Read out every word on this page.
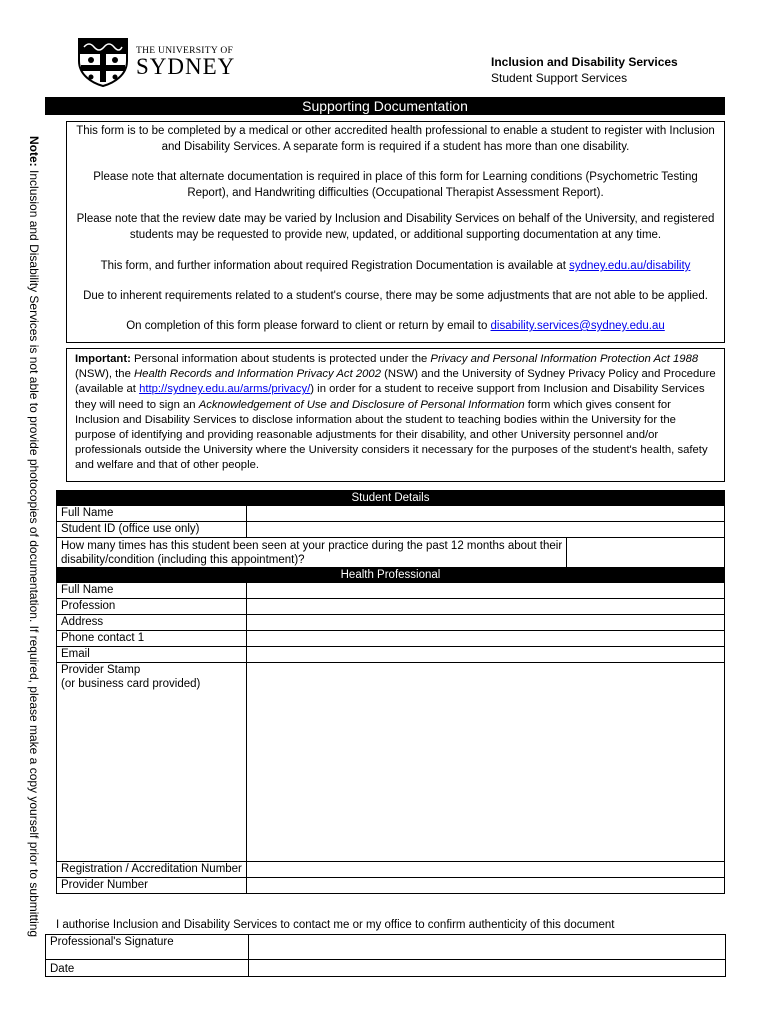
THE UNIVERSITY OF
SYDNEY	Inclusion and Disability Services
Student Support Services
Supporting Documentation
Note: Inclusion and Disability Services is not able to provide photocopies of documentation. If required, please make a copy yourself prior to submitting

This form is to be completed by a medical or other accredited health professional to enable a student to register with Inclusion and Disability Services. A separate form is required if a student has more than one disability.

Please note that alternate documentation is required in place of this form for Learning conditions (Psychometric Testing Report), and Handwriting difficulties (Occupational Therapist Assessment Report).

Please note that the review date may be varied by Inclusion and Disability Services on behalf of the University, and registered students may be requested to provide new, updated, or additional supporting documentation at any time.

This form, and further information about required Registration Documentation is available at sydney.edu.au/disability

Due to inherent requirements related to a student's course, there may be some adjustments that are not able to be applied.

On completion of this form please forward to client or return by email to disability.services@sydney.edu.au

Important: Personal information about students is protected under the Privacy and Personal Information Protection Act 1988 (NSW), the Health Records and Information Privacy Act 2002 (NSW) and the University of Sydney Privacy Policy and Procedure (available at http://sydney.edu.au/arms/privacy/) in order for a student to receive support from Inclusion and Disability Services they will need to sign an Acknowledgement of Use and Disclosure of Personal Information form which gives consent for Inclusion and Disability Services to disclose information about the student to teaching bodies within the University for the purpose of identifying and providing reasonable adjustments for their disability, and other University personnel and/or professionals outside the University where the University considers it necessary for the purposes of the student's health, safety and welfare and that of other people.
Student Details		
Full Name		
Student ID (office use only)		
How many times has this student been seen at your practice during the past 12 months about their disability/condition (including this appointment)?		
Health Professional		
Full Name		
Profession		
Address		
Phone contact 1		
Email		

Provider Stamp
(or business card provided)		

Registration / Accreditation Number		
Provider Number		
I authorise Inclusion and Disability Services to contact me or my office to confirm authenticity of this document
Professional's Signature	
Date	
